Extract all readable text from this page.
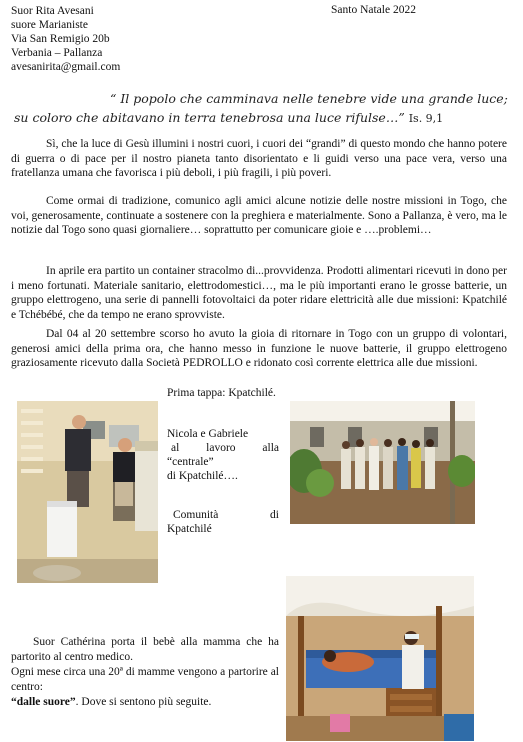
Suor Rita Avesani
suore Marianiste
Via San Remigio 20b
Verbania – Pallanza
avesanirita@gmail.com
Santo Natale 2022
“ Il popolo che camminava nelle tenebre vide una grande luce; su coloro che abitavano in terra tenebrosa una luce rifulse…” Is. 9,1
Sì, che la luce di Gesù illumini i nostri cuori, i cuori dei “grandi” di questo mondo che hanno potere di guerra o di pace per il nostro pianeta tanto disorientato e li guidi verso una pace vera, verso una fratellanza umana che favorisca i più deboli, i più fragili, i più poveri.
Come ormai di tradizione, comunico agli amici alcune notizie delle nostre missioni in Togo, che voi, generosamente, continuate a sostenere con la preghiera e materialmente. Sono a Pallanza, è vero, ma le notizie dal Togo sono quasi giornaliere… soprattutto per comunicare gioie e ….problemi…
In aprile era partito un container stracolmo di...provvidenza. Prodotti alimentari ricevuti in dono per i meno fortunati. Materiale sanitario, elettrodomestici…, ma le più importanti erano le grosse batterie, un gruppo elettrogeno, una serie di pannelli fotovoltaici da poter ridare elettricità alle due missioni: Kpatchilé e Tchébébé, che da tempo ne erano sprovviste.
Dal 04 al 20 settembre scorso ho avuto la gioia di ritornare in Togo con un gruppo di volontari, generosi amici della prima ora, che hanno messo in funzione le nuove batterie, il gruppo elettrogeno graziosamente ricevuto dalla Società PEDROLLO e ridonato così corrente elettrica alle due missioni.
Prima tappa: Kpatchilé.
Nicola e Gabriele
al lavoro alla
“centrale”
di Kpatchilé….
Comunità	di
Kpatchilé
Suor Cathérina porta il bebè alla mamma che ha partorito al centro medico.
Ogni mese circa una 20ª di mamme vengono a partorire al centro:
“dalle suore”. Dove si sentono più seguite.
